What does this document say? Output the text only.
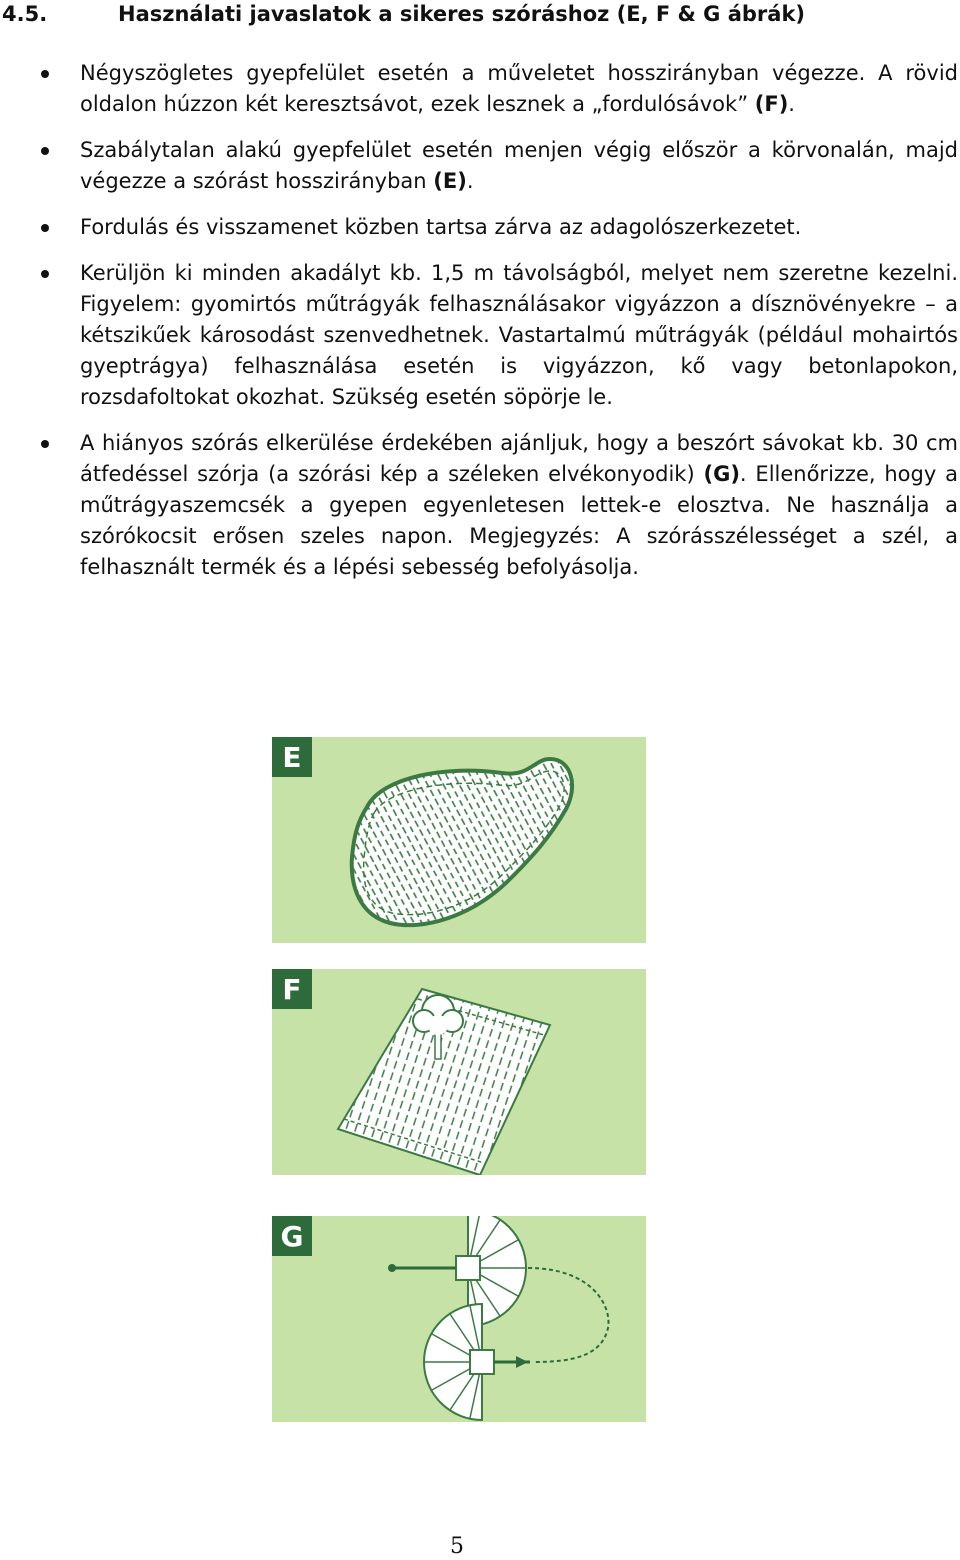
4.5.	Használati javaslatok a sikeres szóráshoz (E, F & G ábrák)
Négyszögletes gyepfelület esetén a műveletet hosszirányban végezze. A rövid oldalon húzzon két keresztsávot, ezek lesznek a „fordulósávok” (F).
Szabálytalan alakú gyepfelület esetén menjen végig először a körvonalán, majd végezze a szórást hosszirányban (E).
Fordulás és visszamenet közben tartsa zárva az adagolószerkezetet.
Kerüljön ki minden akadályt kb. 1,5 m távolságból, melyet nem szeretne kezelni. Figyelem: gyomirtós műtrágyák felhasználásakor vigyázzon a dísznövényekre – a kétszikűek károsodást szenvedhetnek. Vastartalmú műtrágyák (például mohairtós gyeptrágya) felhasználása esetén is vigyázzon, kő vagy betonlapokon, rozsdafoltokat okozhat. Szükség esetén söpörje le.
A hiányos szórás elkerülése érdekében ajánljuk, hogy a beszórt sávokat kb. 30 cm átfedéssel szórja (a szórási kép a széleken elvékonyodik) (G). Ellenőrizze, hogy a műtrágyaszemcsék a gyepen egyenletesen lettek-e elosztva. Ne használja a szórókocsit erősen szeles napon. Megjegyzés: A szórásszélességet a szél, a felhasznált termék és a lépési sebesség befolyásolja.
E
F
G
5
